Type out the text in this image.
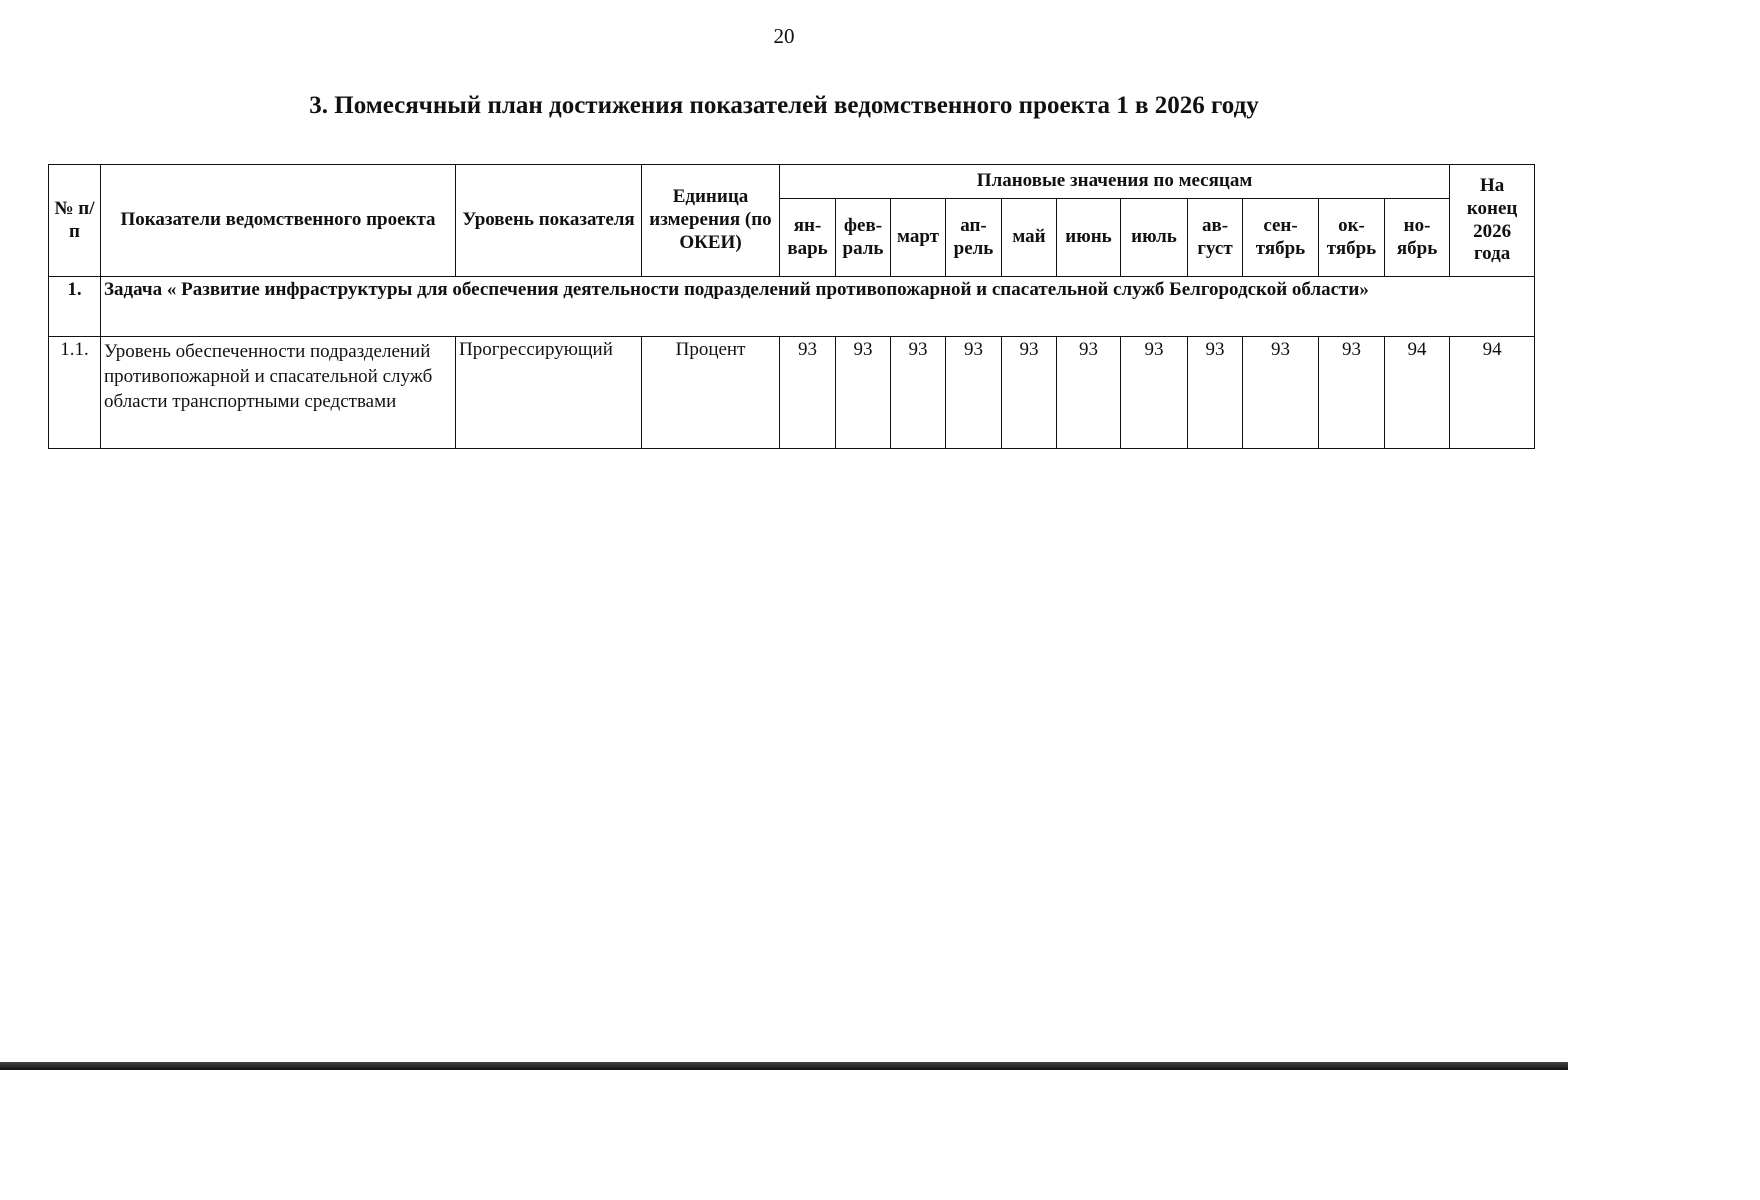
20
3. Помесячный план достижения показателей ведомственного проекта 1 в 2026 году
№ п/п	Показатели ведомственного проекта	Уровень показателя	Единица измерения (по ОКЕИ)	Плановые значения по месяцам											На конец 2026 года
				ян-варь	фев-раль	март	ап-рель	май	июнь	июль	ав-густ	сен-тябрь	ок-тябрь	но-ябрь	
1.	Задача « Развитие инфраструктуры для обеспечения деятельности подразделений противопожарной и спасательной служб Белгородской области»														
1.1.	Уровень обеспеченности подразделений противопожарной и спасательной служб области транспортными средствами	Прогрессирующий	Процент	93	93	93	93	93	93	93	93	93	93	94	94
